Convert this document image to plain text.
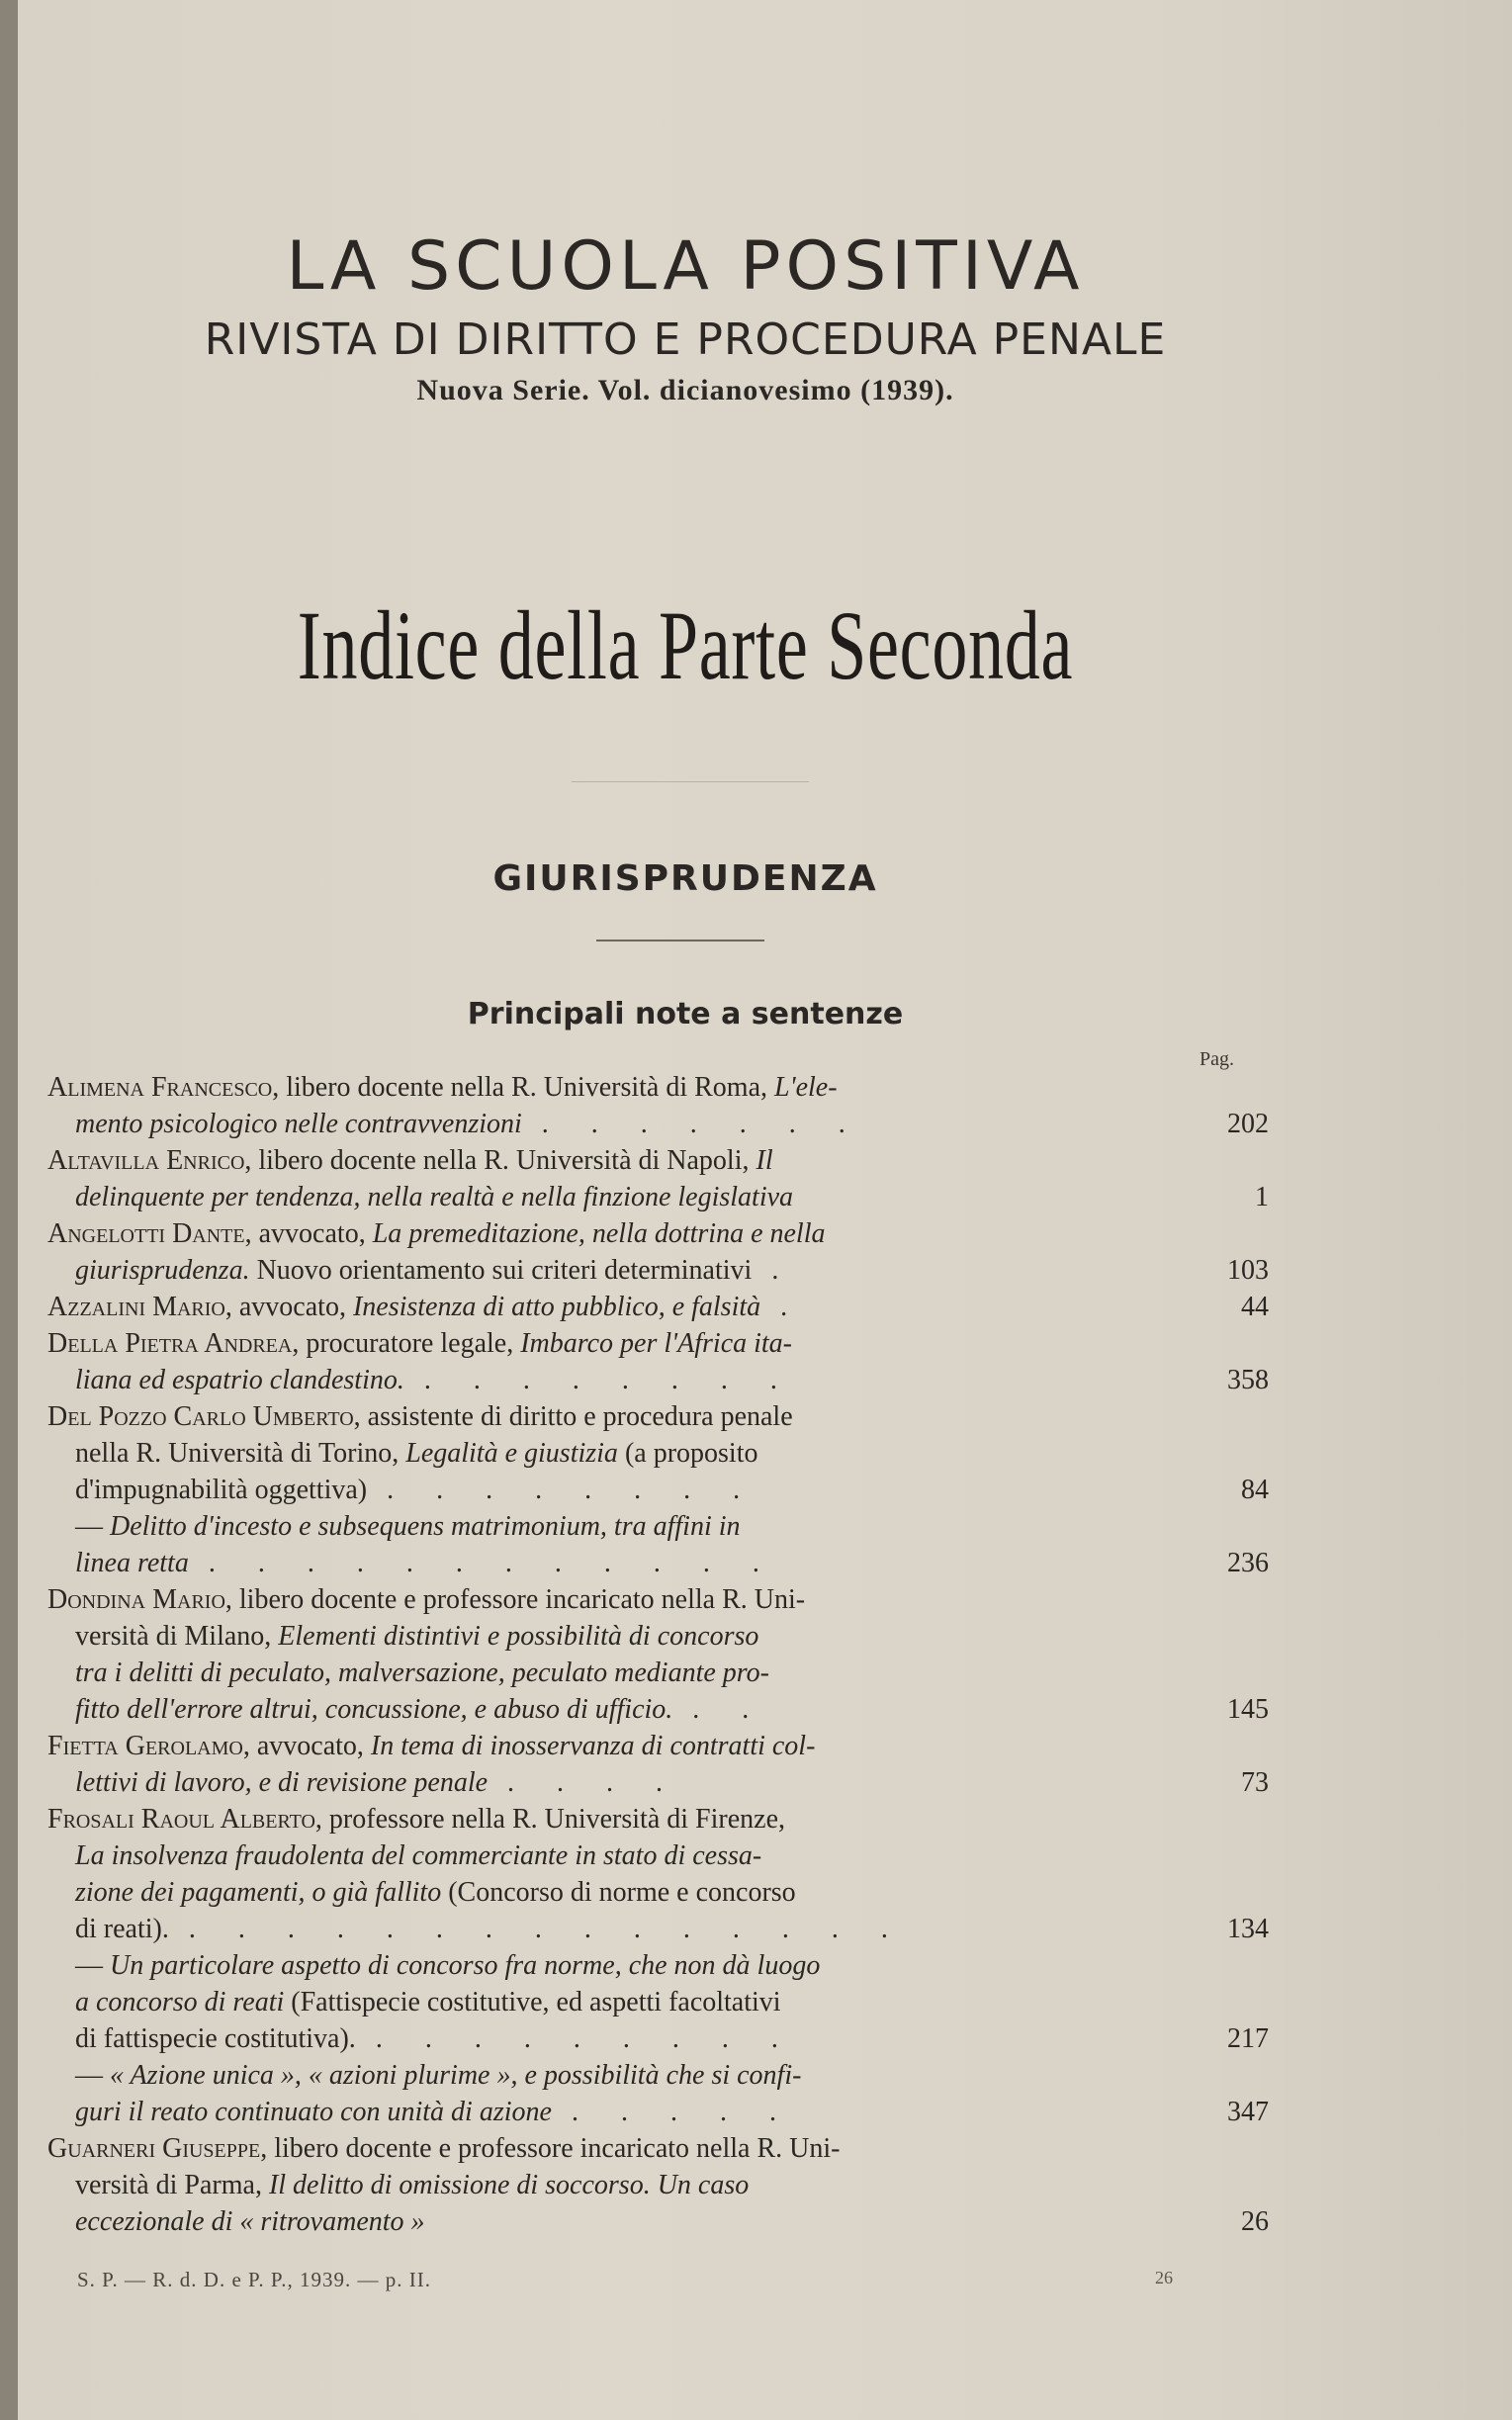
LA SCUOLA POSITIVA
RIVISTA DI DIRITTO E PROCEDURA PENALE
Nuova Serie. Vol. dicianovesimo (1939).
Indice della Parte Seconda
GIURISPRUDENZA
Principali note a sentenze
Pag.
Alimena Francesco, libero docente nella R. Università di Roma, L'ele-
mento psicologico nelle contravvenzioni . . . . . . .	202
Altavilla Enrico, libero docente nella R. Università di Napoli, Il
delinquente per tendenza, nella realtà e nella finzione legislativa	1
Angelotti Dante, avvocato, La premeditazione, nella dottrina e nella
giurisprudenza. Nuovo orientamento sui criteri determinativi .	103
Azzalini Mario, avvocato, Inesistenza di atto pubblico, e falsità .	44
Della Pietra Andrea, procuratore legale, Imbarco per l'Africa ita-
liana ed espatrio clandestino. . . . . . . . .	358
Del Pozzo Carlo Umberto, assistente di diritto e procedura penale
nella R. Università di Torino, Legalità e giustizia (a proposito
d'impugnabilità oggettiva) . . . . . . . .	84
— Delitto d'incesto e subsequens matrimonium, tra affini in
linea retta . . . . . . . . . . . .	236
Dondina Mario, libero docente e professore incaricato nella R. Uni-
versità di Milano, Elementi distintivi e possibilità di concorso
tra i delitti di peculato, malversazione, peculato mediante pro-
fitto dell'errore altrui, concussione, e abuso di ufficio. . .	145
Fietta Gerolamo, avvocato, In tema di inosservanza di contratti col-
lettivi di lavoro, e di revisione penale . . . .	73
Frosali Raoul Alberto, professore nella R. Università di Firenze,
La insolvenza fraudolenta del commerciante in stato di cessa-
zione dei pagamenti, o già fallito (Concorso di norme e concorso
di reati). . . . . . . . . . . . . . . .	134
— Un particolare aspetto di concorso fra norme, che non dà luogo
a concorso di reati (Fattispecie costitutive, ed aspetti facoltativi
di fattispecie costitutiva). . . . . . . . . .	217
— « Azione unica », « azioni plurime », e possibilità che si confi-
guri il reato continuato con unità di azione . . . . .	347
Guarneri Giuseppe, libero docente e professore incaricato nella R. Uni-
versità di Parma, Il delitto di omissione di soccorso. Un caso
eccezionale di « ritrovamento »	26
S. P. — R. d. D. e P. P., 1939. — p. II.	26
